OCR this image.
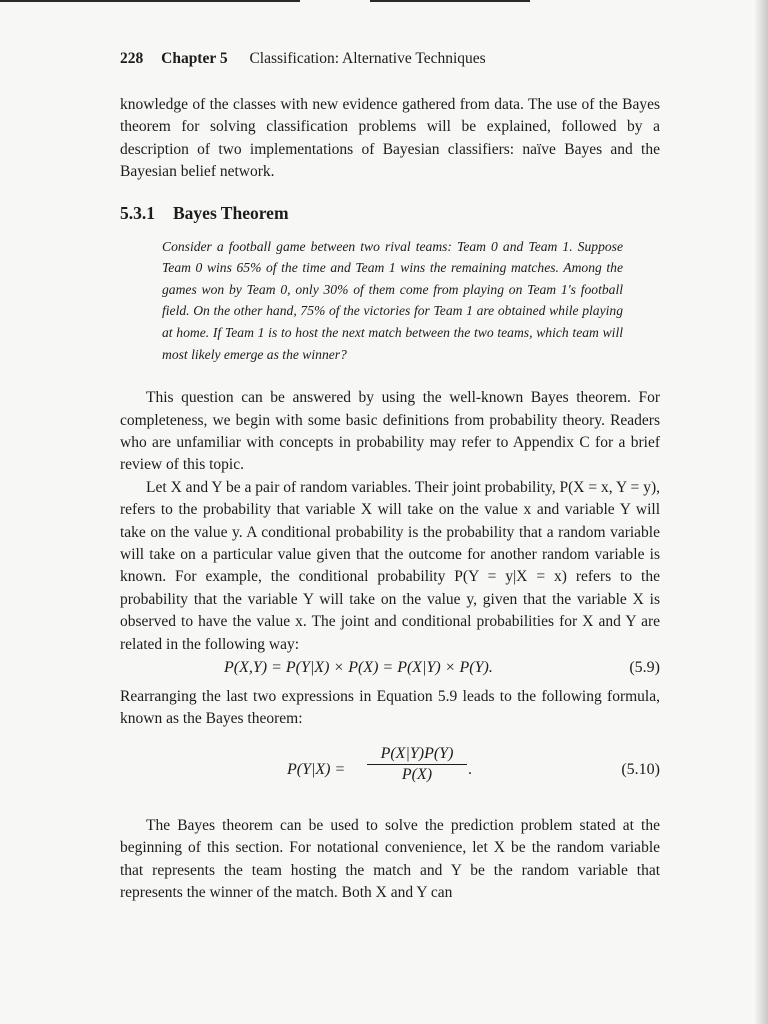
228 Chapter 5 Classification: Alternative Techniques

knowledge of the classes with new evidence gathered from data. The use of the Bayes theorem for solving classification problems will be explained, followed by a description of two implementations of Bayesian classifiers: naïve Bayes and the Bayesian belief network.

5.3.1 Bayes Theorem
Consider a football game between two rival teams: Team 0 and Team 1. Suppose Team 0 wins 65% of the time and Team 1 wins the remaining matches. Among the games won by Team 0, only 30% of them come from playing on Team 1's football field. On the other hand, 75% of the victories for Team 1 are obtained while playing at home. If Team 1 is to host the next match between the two teams, which team will most likely emerge as the winner?

This question can be answered by using the well-known Bayes theorem. For completeness, we begin with some basic definitions from probability theory. Readers who are unfamiliar with concepts in probability may refer to Appendix C for a brief review of this topic.

Let X and Y be a pair of random variables. Their joint probability, P(X = x, Y = y), refers to the probability that variable X will take on the value x and variable Y will take on the value y. A conditional probability is the probability that a random variable will take on a particular value given that the outcome for another random variable is known. For example, the conditional probability P(Y = y|X = x) refers to the probability that the variable Y will take on the value y, given that the variable X is observed to have the value x. The joint and conditional probabilities for X and Y are related in the following way:

P(X,Y) = P(Y|X) × P(X) = P(X|Y) × P(Y).	(5.9)

Rearranging the last two expressions in Equation 5.9 leads to the following formula, known as the Bayes theorem:

$P(Y|X) = \frac{P(X|Y)P(Y)}{P(X)}$ .	(5.10)

The Bayes theorem can be used to solve the prediction problem stated at the beginning of this section. For notational convenience, let X be the random variable that represents the team hosting the match and Y be the random variable that represents the winner of the match. Both X and Y can
